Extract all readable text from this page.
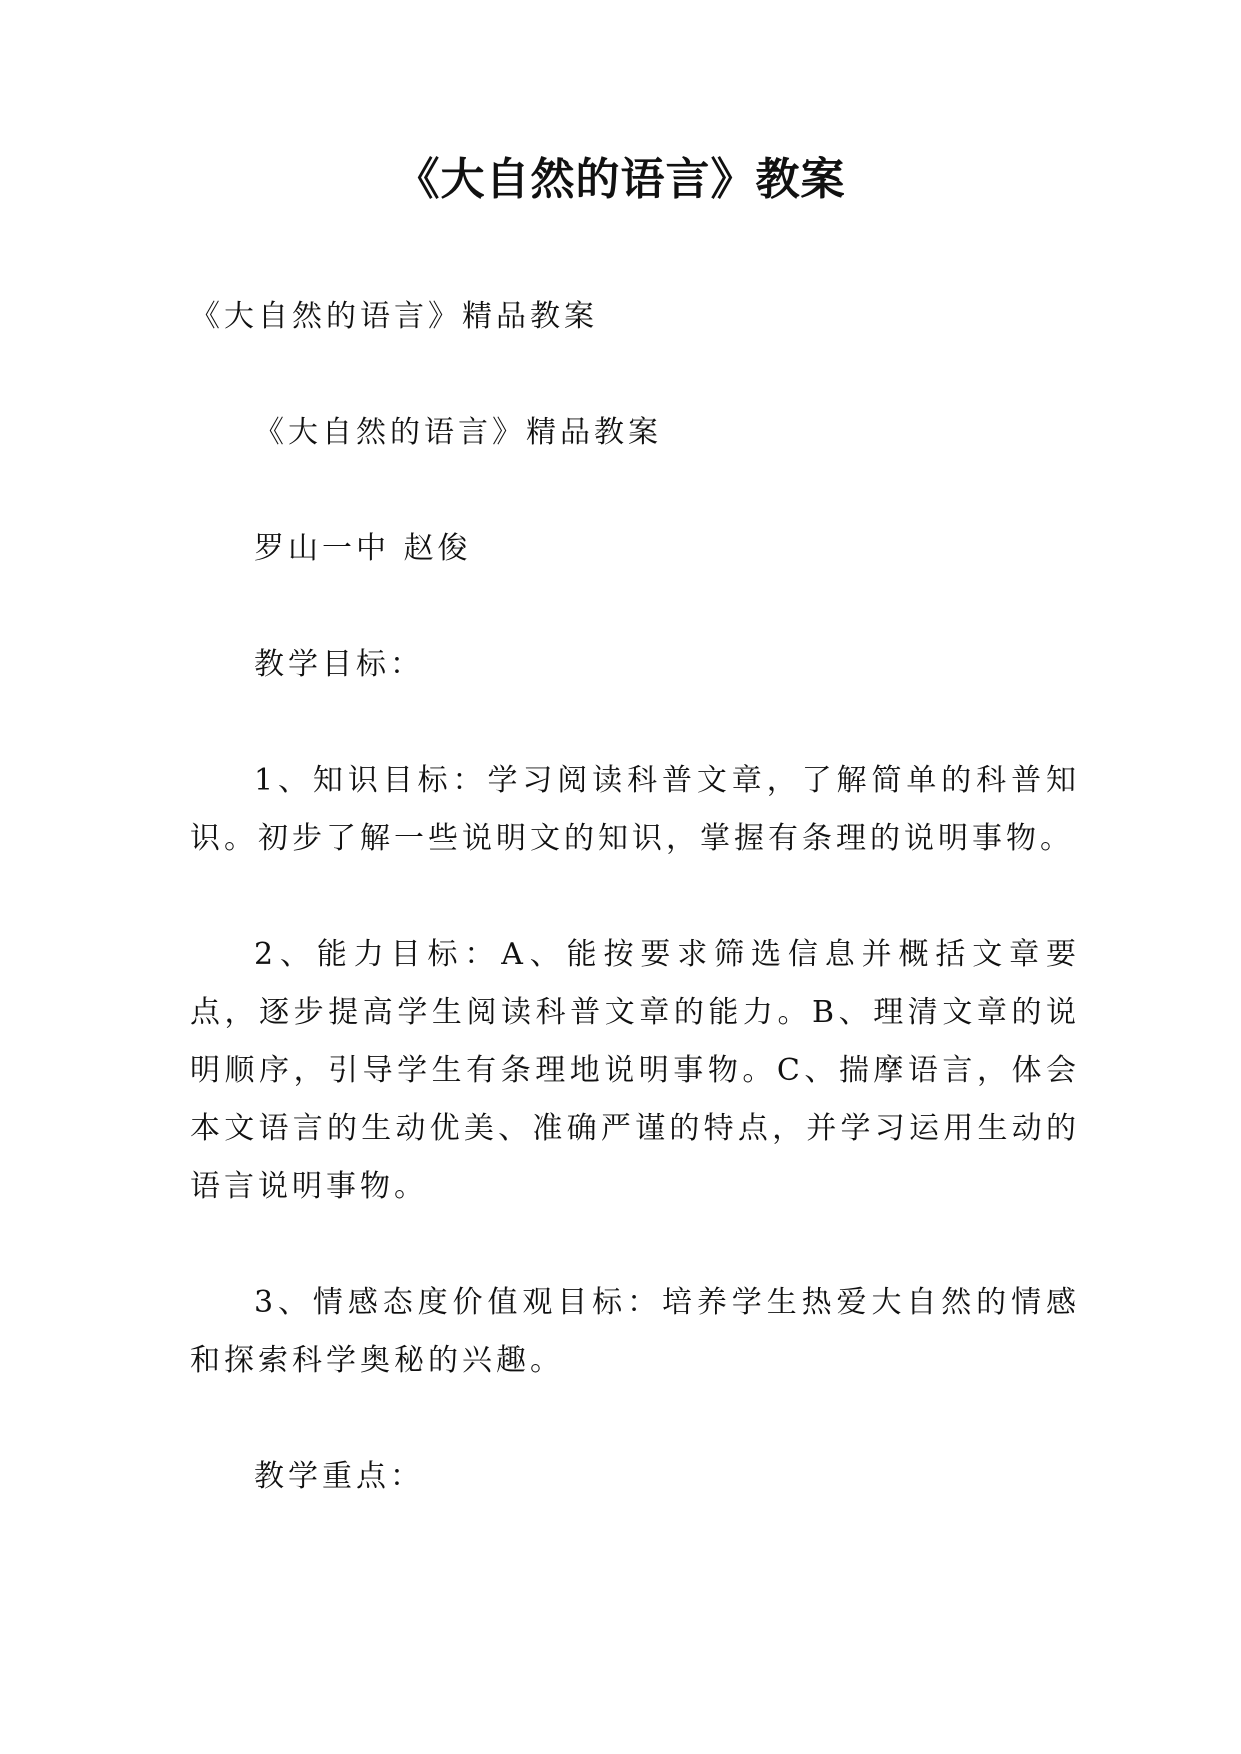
《大自然的语言》教案

《大自然的语言》精品教案

《大自然的语言》精品教案

罗山一中 赵俊

教学目标：

1、知识目标：学习阅读科普文章，了解简单的科普知识。初步了解一些说明文的知识，掌握有条理的说明事物。

2、能力目标：A、能按要求筛选信息并概括文章要点，逐步提高学生阅读科普文章的能力。B、理清文章的说明顺序，引导学生有条理地说明事物。C、揣摩语言，体会本文语言的生动优美、准确严谨的特点，并学习运用生动的语言说明事物。

3、情感态度价值观目标：培养学生热爱大自然的情感和探索科学奥秘的兴趣。

教学重点：
